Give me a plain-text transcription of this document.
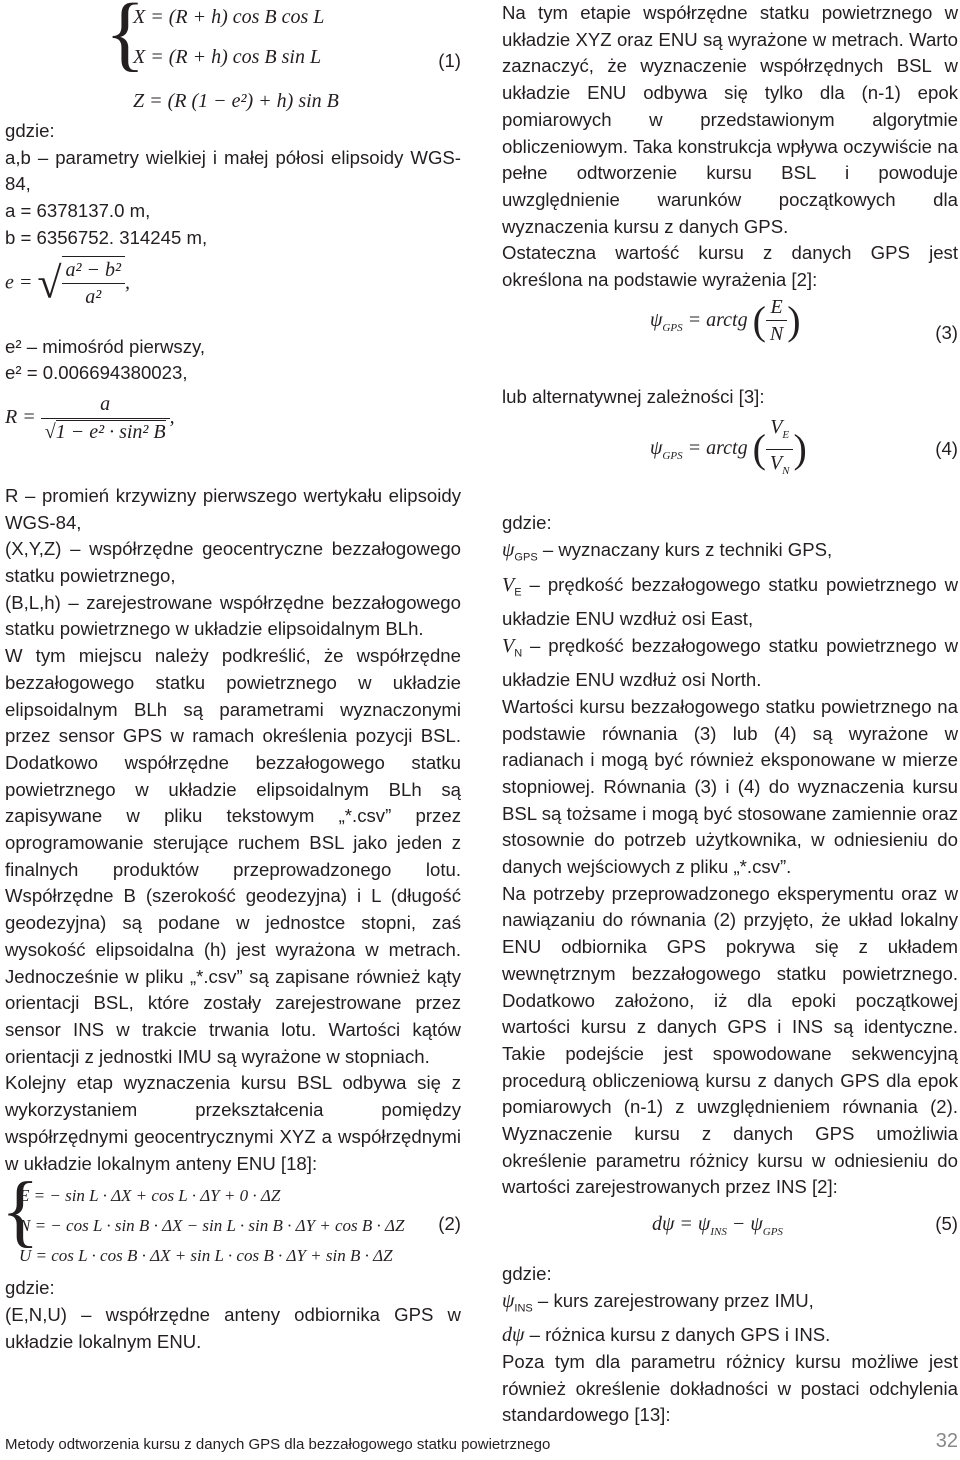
{
X = (R + h) cos B cos L
X = (R + h) cos B sin L
Z = (R (1 − e²) + h) sin B
(1)

gdzie:

a,b – parametry wielkiej i małej półosi elipsoidy WGS-84,

a = 6378137.0 m,

b = 6356752. 314245 m,

e = √ $\frac{\text{a² − b²}}{\text{a²}}$ ,

e² – mimośród pierwszy,

e² = 0.006694380023,

$R = \frac{a}{\text{√1 − e² · sin² B}}$ ,

R – promień krzywizny pierwszego wertykału elipsoidy WGS-84,

(X,Y,Z) – współrzędne geocentryczne bezzałogowego statku powietrznego,

(B,L,h) – zarejestrowane współrzędne bezzałogowego statku powietrznego w układzie elipsoidalnym BLh.

W tym miejscu należy podkreślić, że współrzędne bezzałogowego statku powietrznego w układzie elipsoidalnym BLh są parametrami wyznaczonymi przez sensor GPS w ramach określenia pozycji BSL. Dodatkowo współrzędne bezzałogowego statku powietrznego w układzie elipsoidalnym BLh są zapisywane w pliku tekstowym „*.csv” przez oprogramowanie sterujące ruchem BSL jako jeden z finalnych produktów przeprowadzonego lotu. Współrzędne B (szerokość geodezyjna) i L (długość geodezyjna) są podane w jednostce stopni, zaś wysokość elipsoidalna (h) jest wyrażona w metrach. Jednocześnie w pliku „*.csv” są zapisane również kąty orientacji BSL, które zostały zarejestrowane przez sensor INS w trakcie trwania lotu. Wartości kątów orientacji z jednostki IMU są wyrażone w stopniach.

Kolejny etap wyznaczenia kursu BSL odbywa się z wykorzystaniem przekształcenia pomiędzy współrzędnymi geocentrycznymi XYZ a współrzędnymi w układzie lokalnym anteny ENU [18]:

{
E = − sin L · ΔX + cos L · ΔY + 0 · ΔZ
N = − cos L · sin B · ΔX − sin L · sin B · ΔY + cos B · ΔZ
U = cos L · cos B · ΔX + sin L · cos B · ΔY + sin B · ΔZ
(2)

gdzie:

(E,N,U) – współrzędne anteny odbiornika GPS w układzie lokalnym ENU.

Na tym etapie współrzędne statku powietrznego w układzie XYZ oraz ENU są wyrażone w metrach. Warto zaznaczyć, że wyznaczenie współrzędnych BSL w układzie ENU odbywa się tylko dla (n-1) epok pomiarowych w przedstawionym algorytmie obliczeniowym. Taka konstrukcja wpływa oczywiście na pełne odtworzenie kursu BSL i powoduje uwzględnienie warunków początkowych dla wyznaczenia kursu z danych GPS.

Ostateczna wartość kursu z danych GPS jest określona na podstawie wyrażenia [2]:

$\psi_{GPS}$ = arctg ( $\frac{E}{N}$ )	(3)

lub alternatywnej zależności [3]:

$\psi_{GPS}$ = arctg ( $\frac{V_E}{V_N}$ )	(4)

gdzie:

$\psi_{GPS}$ – wyznaczany kurs z techniki GPS,

$V_E$ – prędkość bezzałogowego statku powietrznego w układzie ENU wzdłuż osi East,

$V_N$ – prędkość bezzałogowego statku powietrznego w układzie ENU wzdłuż osi North.

Wartości kursu bezzałogowego statku powietrznego na podstawie równania (3) lub (4) są wyrażone w radianach i mogą być również eksponowane w mierze stopniowej. Równania (3) i (4) do wyznaczenia kursu BSL są tożsame i mogą być stosowane zamiennie oraz stosownie do potrzeb użytkownika, w odniesieniu do danych wejściowych z pliku „*.csv”.

Na potrzeby przeprowadzonego eksperymentu oraz w nawiązaniu do równania (2) przyjęto, że układ lokalny ENU odbiornika GPS pokrywa się z układem wewnętrznym bezzałogowego statku powietrznego. Dodatkowo założono, iż dla epoki początkowej wartości kursu z danych GPS i INS są identyczne. Takie podejście jest spowodowane sekwencyjną procedurą obliczeniową kursu z danych GPS dla epok pomiarowych (n-1) z uwzględnieniem równania (2). Wyznaczenie kursu z danych GPS umożliwia określenie parametru różnicy kursu w odniesieniu do wartości zarejestrowanych przez INS [2]:

$d\psi = \psi_{INS} - \psi_{GPS}$	(5)

gdzie:

$\psi_{INS}$ – kurs zarejestrowany przez IMU,

dψ – różnica kursu z danych GPS i INS.

Poza tym dla parametru różnicy kursu możliwe jest również określenie dokładności w postaci odchylenia standardowego [13]:

Metody odtworzenia kursu z danych GPS dla bezzałogowego statku powietrznego	32
